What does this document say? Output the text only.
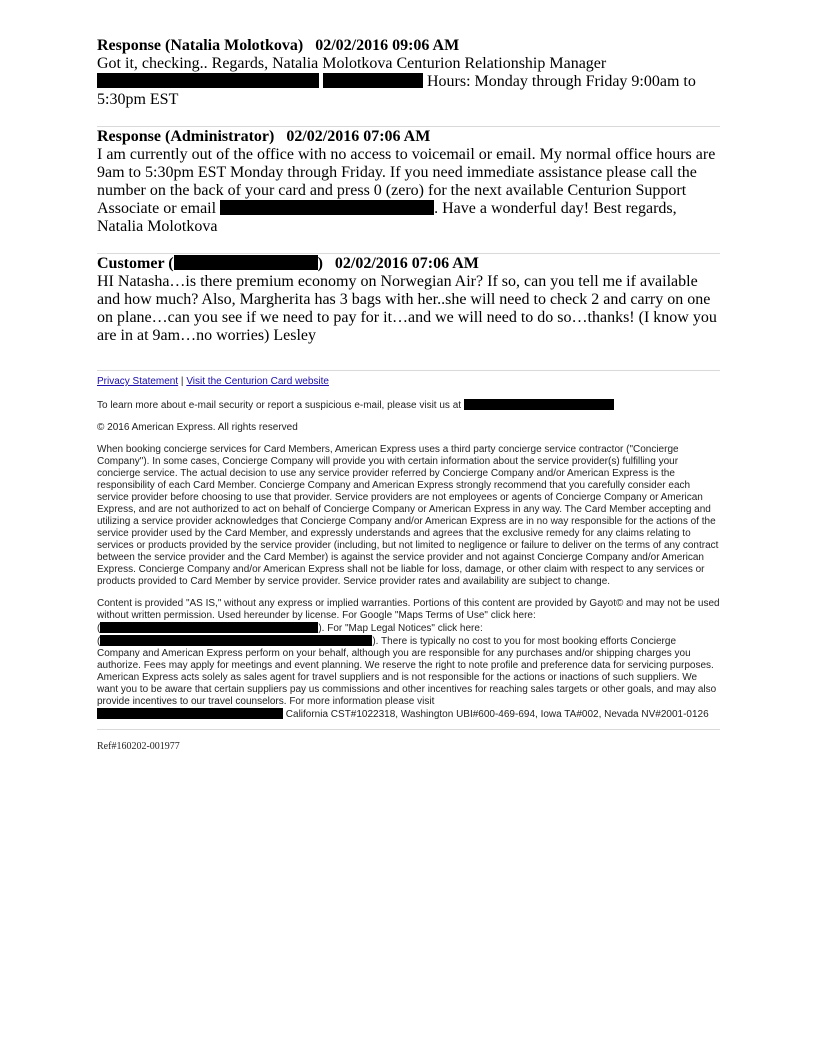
Response (Natalia Molotkova)   02/02/2016 09:06 AM
Got it, checking.. Regards, Natalia Molotkova Centurion Relationship Manager
Hours: Monday through Friday 9:00am to
5:30pm EST
Response (Administrator)   02/02/2016 07:06 AM
I am currently out of the office with no access to voicemail or email. My normal office hours are 9am to 5:30pm EST Monday through Friday. If you need immediate assistance please call the number on the back of your card and press 0 (zero) for the next available Centurion Support Associate or email	. Have a wonderful day! Best regards, Natalia Molotkova
Customer (	)   02/02/2016 07:06 AM
HI Natasha…is there premium economy on Norwegian Air? If so, can you tell me if available and how much? Also, Margherita has 3 bags with her..she will need to check 2 and carry on one on plane…can you see if we need to pay for it…and we will need to do so…thanks! (I know you are in at 9am…no worries) Lesley
Privacy Statement | Visit the Centurion Card website
To learn more about e-mail security or report a suspicious e-mail, please visit us at
© 2016 American Express. All rights reserved
When booking concierge services for Card Members, American Express uses a third party concierge service contractor ("Concierge Company"). In some cases, Concierge Company will provide you with certain information about the service provider(s) fulfilling your concierge service. The actual decision to use any service provider referred by Concierge Company and/or American Express is the responsibility of each Card Member. Concierge Company and American Express strongly recommend that you carefully consider each service provider before choosing to use that provider. Service providers are not employees or agents of Concierge Company or American Express, and are not authorized to act on behalf of Concierge Company or American Express in any way. The Card Member accepting and utilizing a service provider acknowledges that Concierge Company and/or American Express are in no way responsible for the actions of the service provider used by the Card Member, and expressly understands and agrees that the exclusive remedy for any claims relating to services or products provided by the service provider (including, but not limited to negligence or failure to deliver on the terms of any contract between the service provider and the Card Member) is against the service provider and not against Concierge Company and/or American Express. Concierge Company and/or American Express shall not be liable for loss, damage, or other claim with respect to any services or products provided to Card Member by service provider. Service provider rates and availability are subject to change.
Content is provided "AS IS," without any express or implied warranties. Portions of this content are provided by Gayot© and may not be used without written permission. Used hereunder by license. For Google "Maps Terms of Use" click here:
(	). For "Map Legal Notices" click here:
(	). There is typically no cost to you for most booking efforts Concierge Company and American Express perform on your behalf, although you are responsible for any purchases and/or shipping charges you authorize. Fees may apply for meetings and event planning. We reserve the right to note profile and preference data for servicing purposes. American Express acts solely as sales agent for travel suppliers and is not responsible for the actions or inactions of such suppliers. We want you to be aware that certain suppliers pay us commissions and other incentives for reaching sales targets or other goals, and may also provide incentives to our travel counselors. For more information please visit
California CST#1022318, Washington UBI#600-469-694, Iowa TA#002, Nevada NV#2001-0126
Ref#160202-001977
